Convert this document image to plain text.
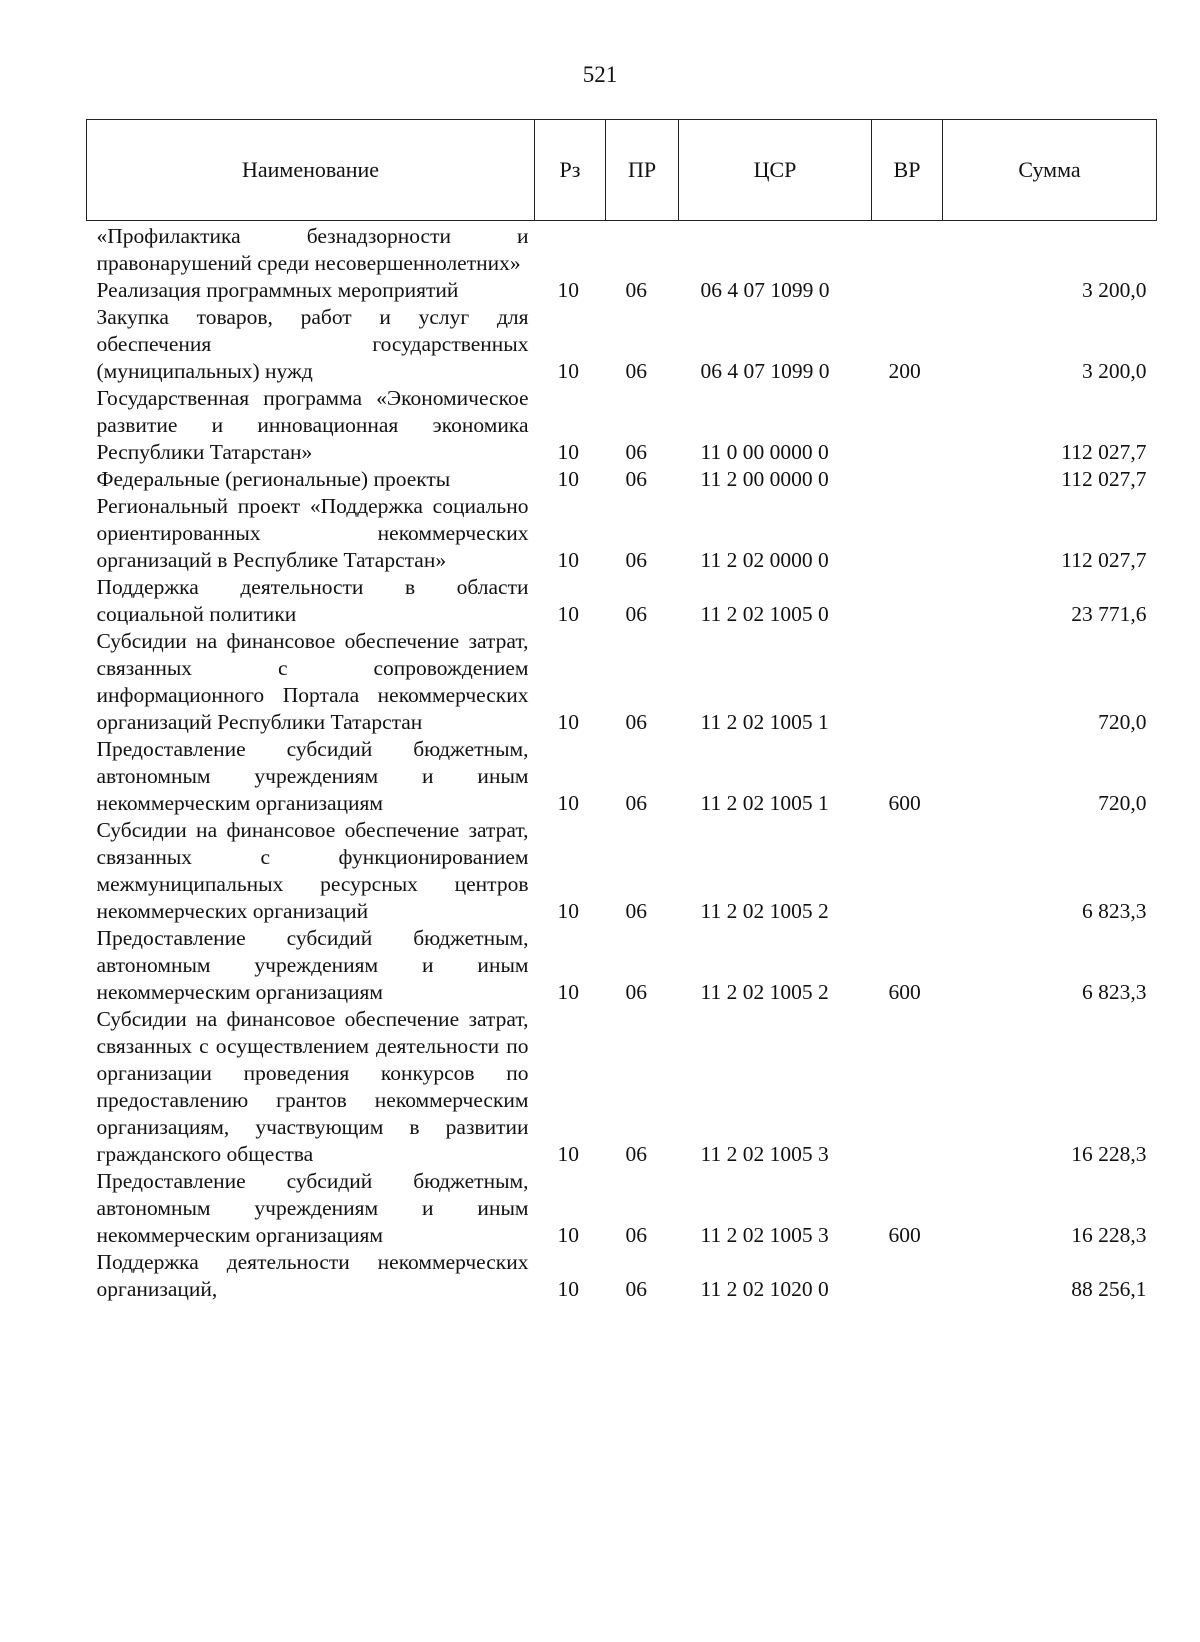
521
Наименование	Рз	ПР	ЦСР	ВР	Сумма
«Профилактика безнадзорности и правонарушений среди несовершеннолетних»					
Реализация программных мероприятий	10	06	06 4 07 1099 0		3 200,0
Закупка товаров, работ и услуг для обеспечения государственных (муниципальных) нужд	10	06	06 4 07 1099 0	200	3 200,0
Государственная программа «Экономическое развитие и инновационная экономика Республики Татарстан»	10	06	11 0 00 0000 0		112 027,7
Федеральные (региональные) проекты	10	06	11 2 00 0000 0		112 027,7
Региональный проект «Поддержка социально ориентированных некоммерческих организаций в Республике Татарстан»	10	06	11 2 02 0000 0		112 027,7
Поддержка деятельности в области социальной политики	10	06	11 2 02 1005 0		23 771,6
Субсидии на финансовое обеспечение затрат, связанных с сопровождением информационного Портала некоммерческих организаций Республики Татарстан	10	06	11 2 02 1005 1		720,0
Предоставление субсидий бюджетным, автономным учреждениям и иным некоммерческим организациям	10	06	11 2 02 1005 1	600	720,0
Субсидии на финансовое обеспечение затрат, связанных с функционированием межмуниципальных ресурсных центров некоммерческих организаций	10	06	11 2 02 1005 2		6 823,3
Предоставление субсидий бюджетным, автономным учреждениям и иным некоммерческим организациям	10	06	11 2 02 1005 2	600	6 823,3
Субсидии на финансовое обеспечение затрат, связанных с осуществлением деятельности по организации проведения конкурсов по предоставлению грантов некоммерческим организациям, участвующим в развитии гражданского общества	10	06	11 2 02 1005 3		16 228,3
Предоставление субсидий бюджетным, автономным учреждениям и иным некоммерческим организациям	10	06	11 2 02 1005 3	600	16 228,3
Поддержка деятельности некоммерческих организаций,	10	06	11 2 02 1020 0		88 256,1
